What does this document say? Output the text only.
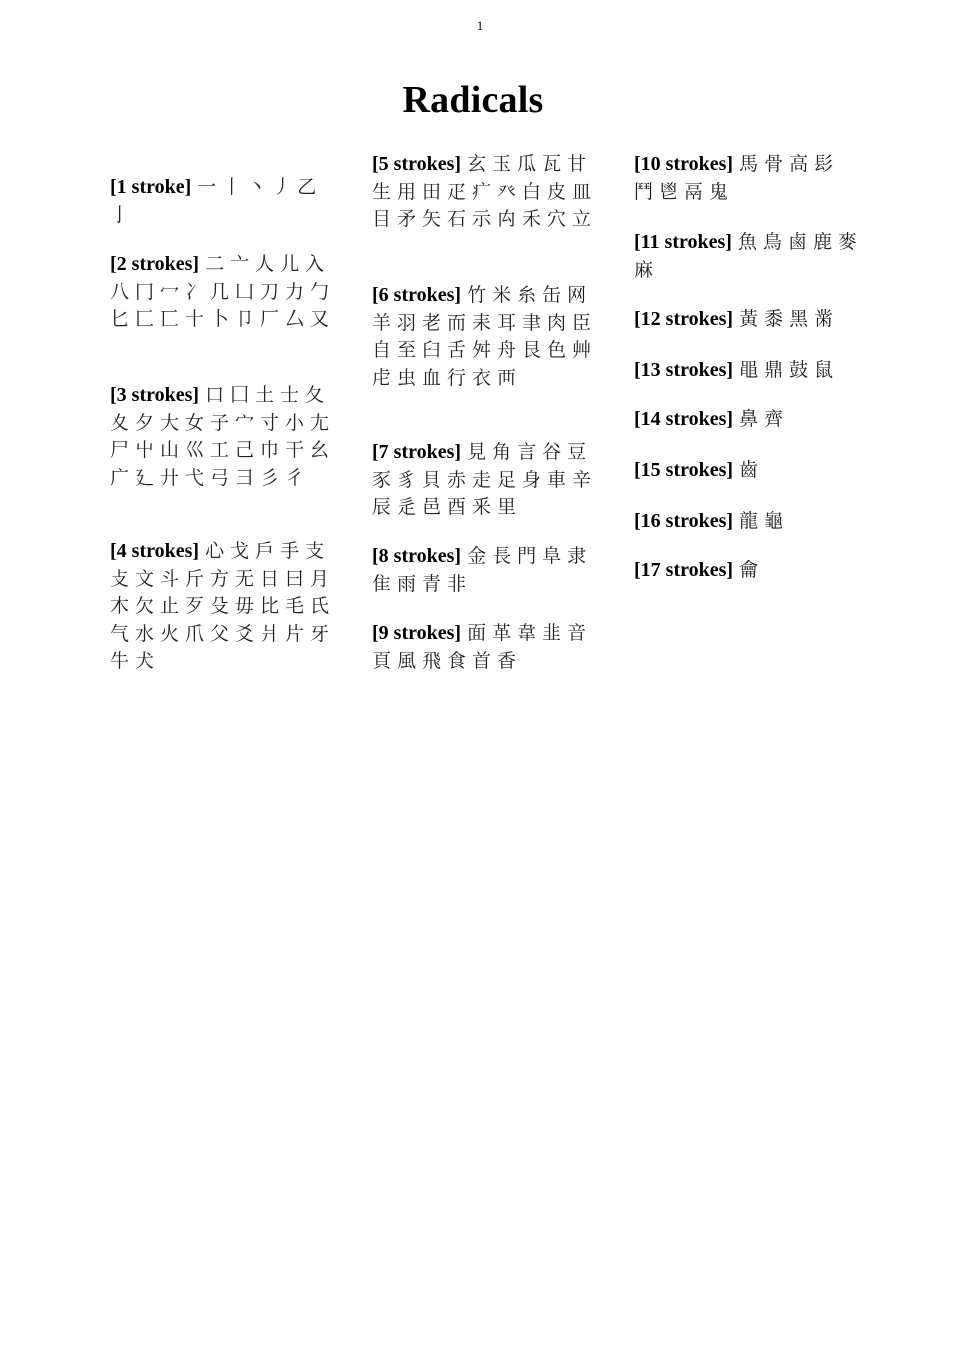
1
Radicals
[1 stroke] 一丨丶丿乙亅
[2 strokes] 二亠人儿入八冂冖冫几凵刀力勹匕匚匸十卜卩厂厶又
[3 strokes] 口囗土士夂夊夕大女子宀寸小尢尸屮山巛工己巾干幺广廴廾弋弓彐彡彳
[4 strokes] 心戈戶手支攴文斗斤方无日曰月木欠止歹殳毋比毛氏气水火爪父爻爿片牙牛犬
[5 strokes] 玄玉瓜瓦甘生用田疋疒癶白皮皿目矛矢石示禸禾穴立
[6 strokes] 竹米糸缶网羊羽老而耒耳聿肉臣自至臼舌舛舟艮色艸虍虫血行衣襾
[7 strokes] 見角言谷豆豕豸貝赤走足身車辛辰辵邑酉釆里
[8 strokes] 金長門阜隶隹雨青非
[9 strokes] 面革韋韭音頁風飛食首香
[10 strokes] 馬骨高髟鬥鬯鬲鬼
[11 strokes] 魚鳥鹵鹿麥麻
[12 strokes] 黃黍黑黹
[13 strokes] 黽鼎鼓鼠
[14 strokes] 鼻齊
[15 strokes] 齒
[16 strokes] 龍龜
[17 strokes] 龠
